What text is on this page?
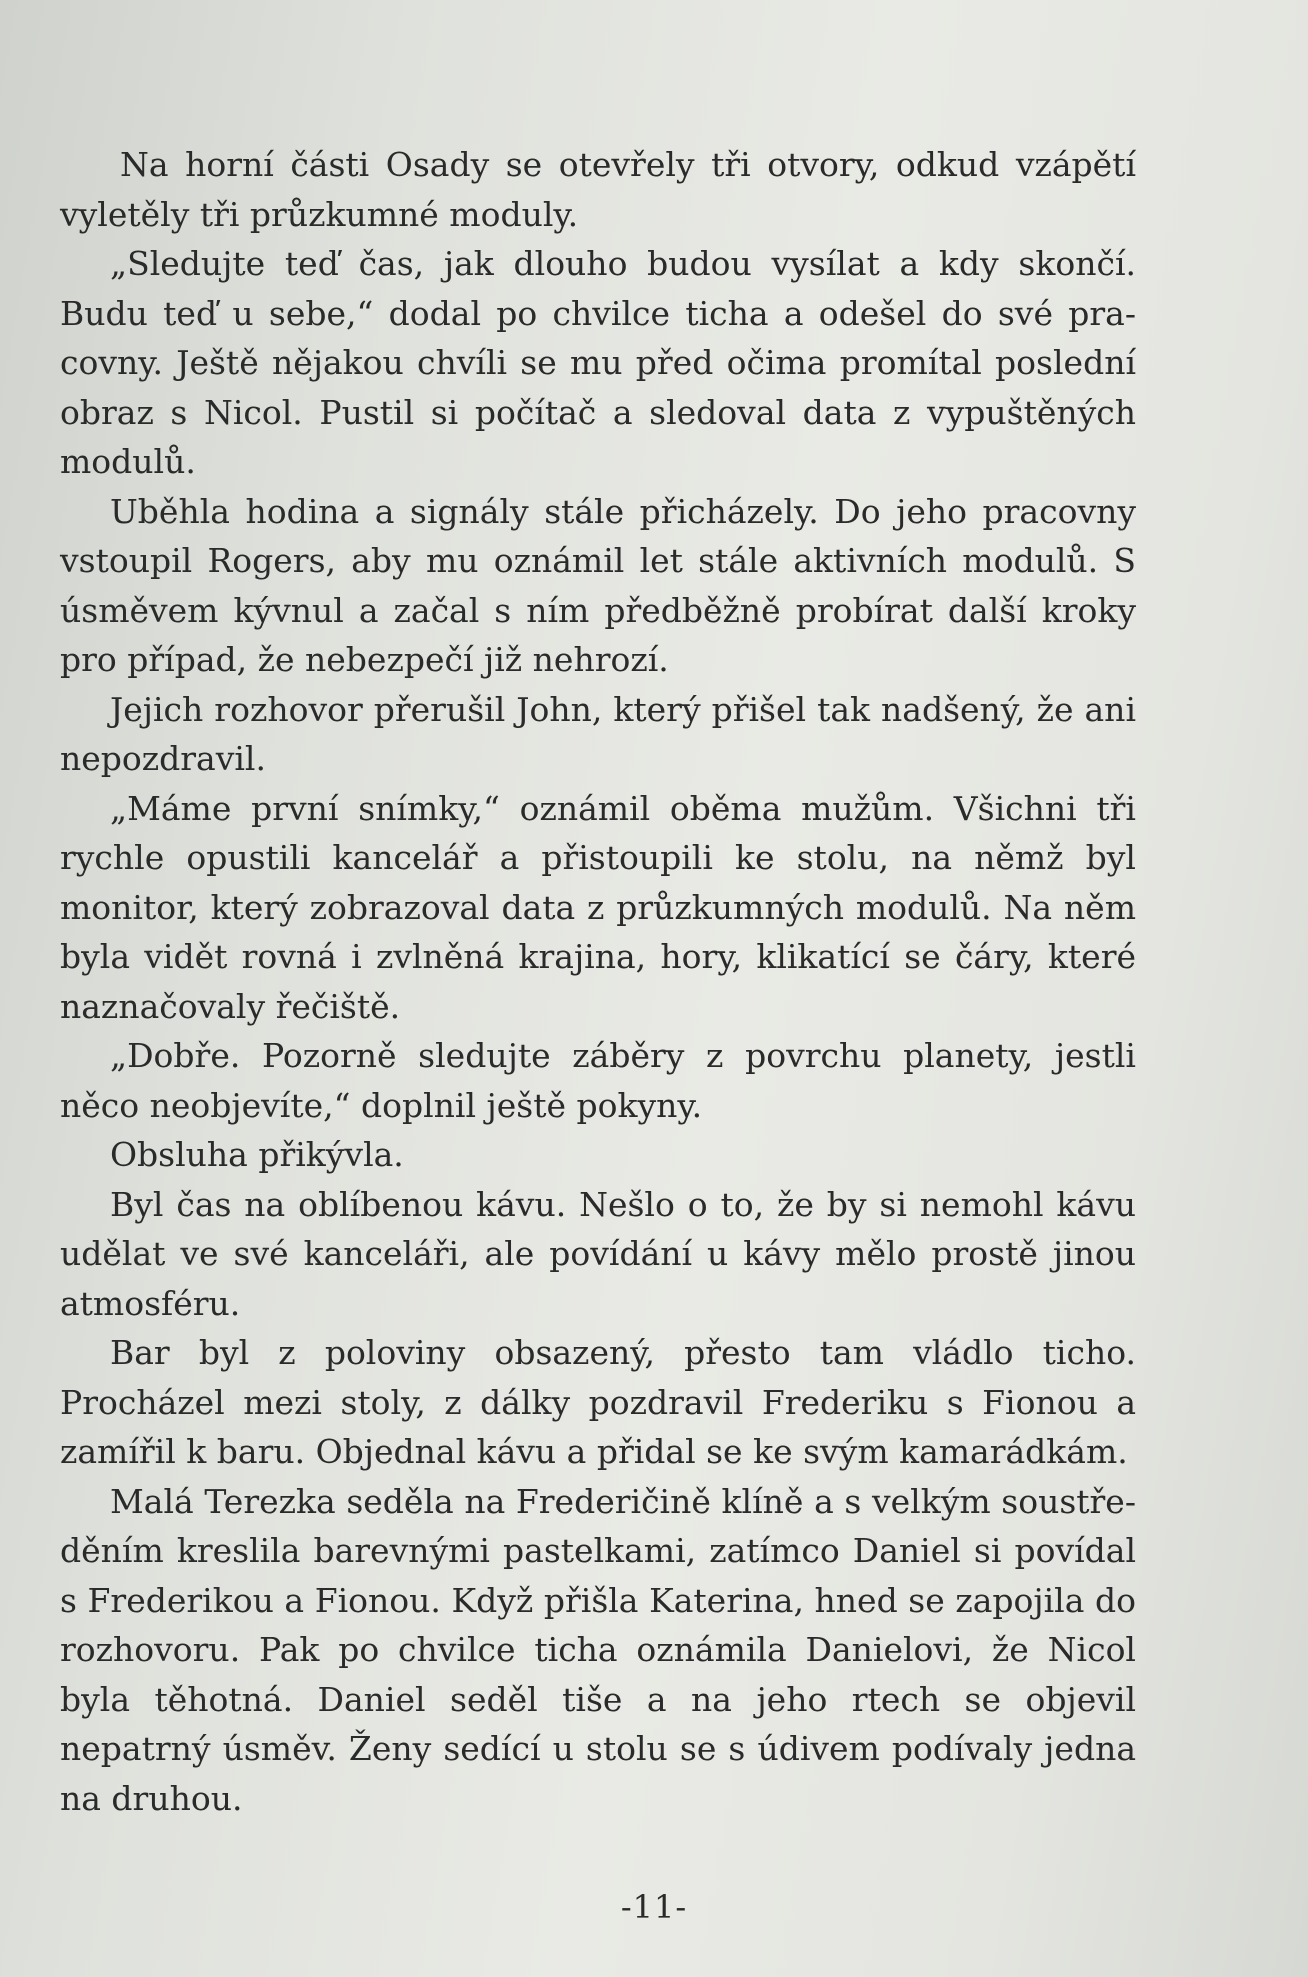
Na horní části Osady se otevřely tři otvory, odkud vzápětí vyletěly tři průzkumné moduly.

„Sledujte teď čas, jak dlouho budou vysílat a kdy skončí. Budu teď u sebe,“ dodal po chvilce ticha a odešel do své pracovny. Ještě nějakou chvíli se mu před očima promítal poslední obraz s Nicol. Pustil si počítač a sledoval data z vypuštěných modulů.

Uběhla hodina a signály stále přicházely. Do jeho pracovny vstoupil Rogers, aby mu oznámil let stále aktivních modulů. S úsměvem kývnul a začal s ním předběžně probírat další kroky pro případ, že nebezpečí již nehrozí.

Jejich rozhovor přerušil John, který přišel tak nadšený, že ani nepozdravil.

„Máme první snímky,“ oznámil oběma mužům. Všichni tři rychle opustili kancelář a přistoupili ke stolu, na němž byl monitor, který zobrazoval data z průzkumných modulů. Na něm byla vidět rovná i zvlněná krajina, hory, klikatící se čáry, které naznačovaly řečiště.

„Dobře. Pozorně sledujte záběry z povrchu planety, jestli něco neobjevíte,“ doplnil ještě pokyny.

Obsluha přikývla.

Byl čas na oblíbenou kávu. Nešlo o to, že by si nemohl kávu udělat ve své kanceláři, ale povídání u kávy mělo prostě jinou atmosféru.

Bar byl z poloviny obsazený, přesto tam vládlo ticho. Procházel mezi stoly, z dálky pozdravil Frederiku s Fionou a zamířil k baru. Objednal kávu a přidal se ke svým kamarádkám.

Malá Terezka seděla na Frederičině klíně a s velkým soustředěním kreslila barevnými pastelkami, zatímco Daniel si povídal s Frederikou a Fionou. Když přišla Katerina, hned se zapojila do rozhovoru. Pak po chvilce ticha oznámila Danielovi, že Nicol byla těhotná. Daniel seděl tiše a na jeho rtech se objevil nepatrný úsměv. Ženy sedící u stolu se s údivem podívaly jedna na druhou.

-11-
